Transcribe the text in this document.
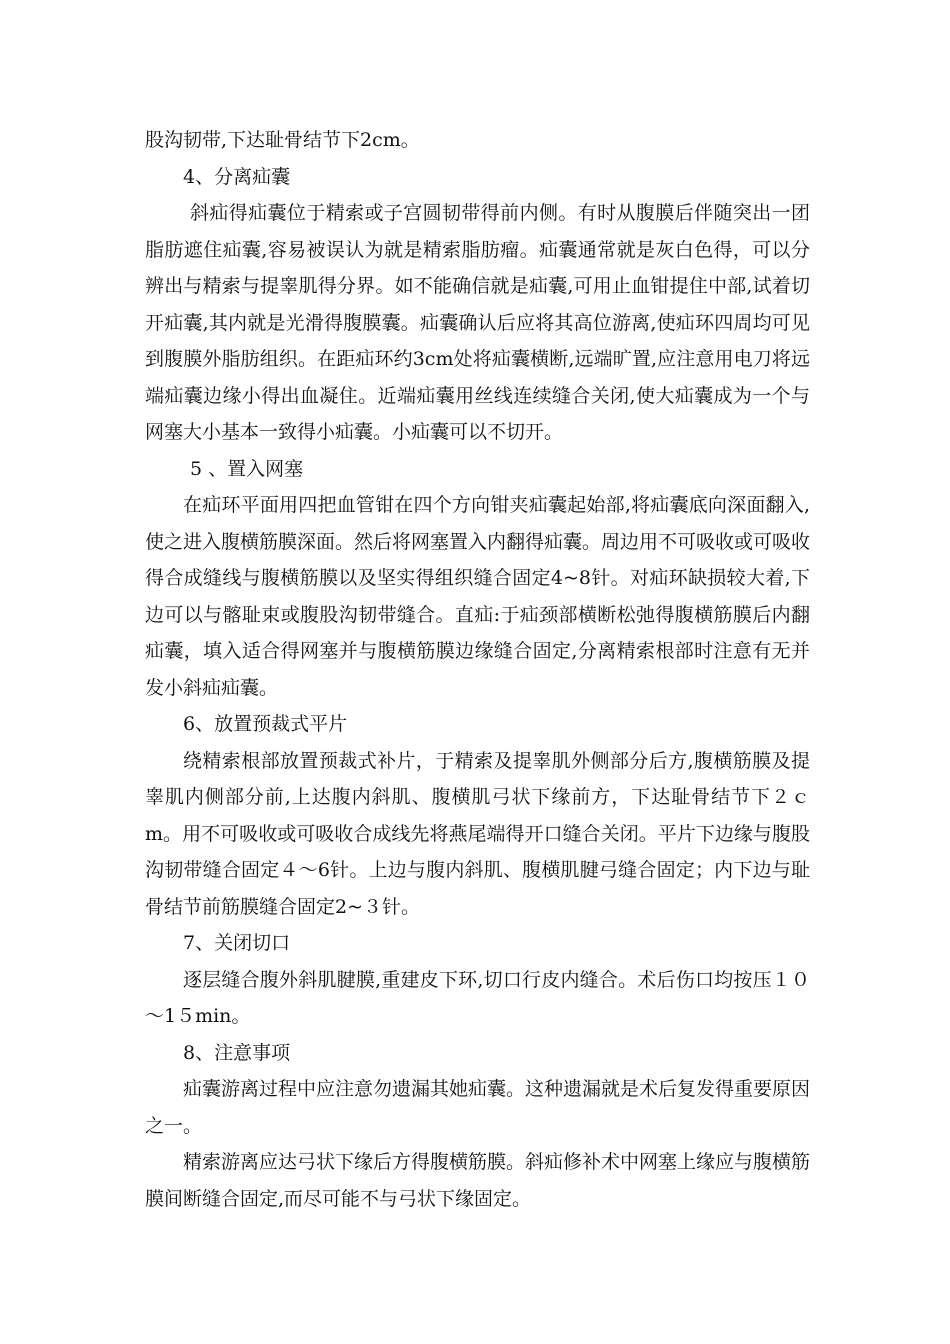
股沟韧带,下达耻骨结节下2cm。

4、分离疝囊

斜疝得疝囊位于精索或子宫圆韧带得前内侧。有时从腹膜后伴随突出一团脂肪遮住疝囊,容易被误认为就是精索脂肪瘤。疝囊通常就是灰白色得，可以分辨出与精索与提睾肌得分界。如不能确信就是疝囊,可用止血钳提住中部,试着切开疝囊,其内就是光滑得腹膜囊。疝囊确认后应将其高位游离,使疝环四周均可见到腹膜外脂肪组织。在距疝环约3cm处将疝囊横断,远端旷置,应注意用电刀将远端疝囊边缘小得出血凝住。近端疝囊用丝线连续缝合关闭,使大疝囊成为一个与网塞大小基本一致得小疝囊。小疝囊可以不切开。

5 、置入网塞

在疝环平面用四把血管钳在四个方向钳夹疝囊起始部,将疝囊底向深面翻入,使之进入腹横筋膜深面。然后将网塞置入内翻得疝囊。周边用不可吸收或可吸收得合成缝线与腹横筋膜以及坚实得组织缝合固定4~8针。对疝环缺损较大着,下边可以与髂耻束或腹股沟韧带缝合。直疝:于疝颈部横断松弛得腹横筋膜后内翻疝囊，填入适合得网塞并与腹横筋膜边缘缝合固定,分离精索根部时注意有无并发小斜疝疝囊。

6、放置预裁式平片

绕精索根部放置预裁式补片，于精索及提睾肌外侧部分后方,腹横筋膜及提睾肌内侧部分前,上达腹内斜肌、腹横肌弓状下缘前方，下达耻骨结节下２ｃm。用不可吸收或可吸收合成线先将燕尾端得开口缝合关闭。平片下边缘与腹股沟韧带缝合固定４～6针。上边与腹内斜肌、腹横肌腱弓缝合固定；内下边与耻骨结节前筋膜缝合固定2~３针。

7、关闭切口

逐层缝合腹外斜肌腱膜,重建皮下环,切口行皮内缝合。术后伤口均按压１０～1５min。

8、注意事项

疝囊游离过程中应注意勿遗漏其她疝囊。这种遗漏就是术后复发得重要原因之一。

精索游离应达弓状下缘后方得腹横筋膜。斜疝修补术中网塞上缘应与腹横筋膜间断缝合固定,而尽可能不与弓状下缘固定。
